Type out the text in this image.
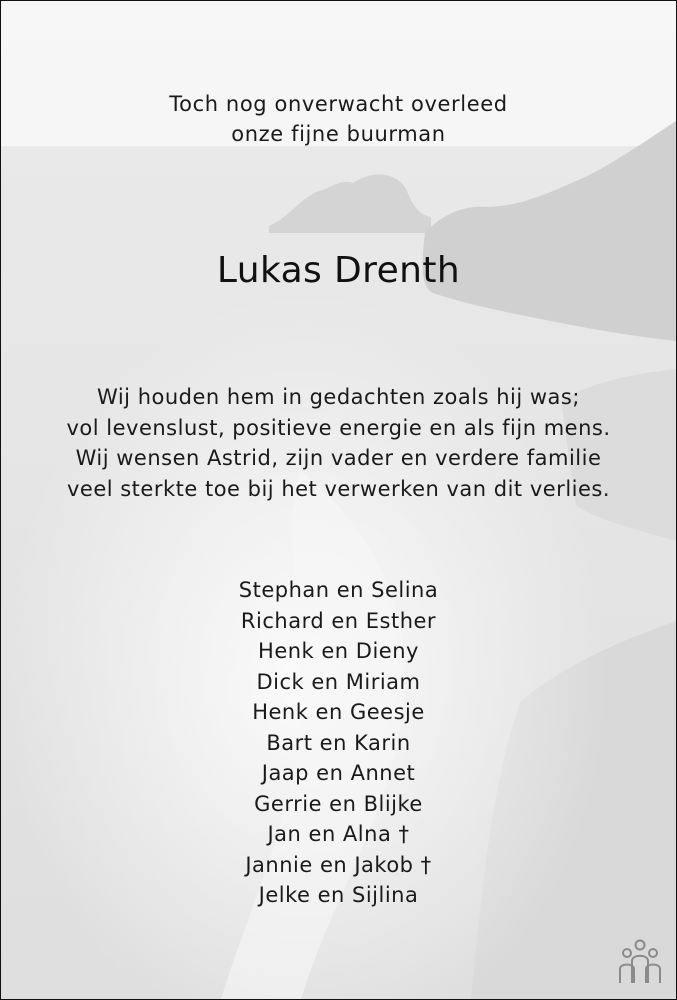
Toch nog onverwacht overleed
onze fijne buurman
Lukas Drenth
Wij houden hem in gedachten zoals hij was;
vol levenslust, positieve energie en als fijn mens.
Wij wensen Astrid, zijn vader en verdere familie
veel sterkte toe bij het verwerken van dit verlies.
Stephan en Selina
Richard en Esther
Henk en Dieny
Dick en Miriam
Henk en Geesje
Bart en Karin
Jaap en Annet
Gerrie en Blijke
Jan en Alna †
Jannie en Jakob †
Jelke en Sijlina
